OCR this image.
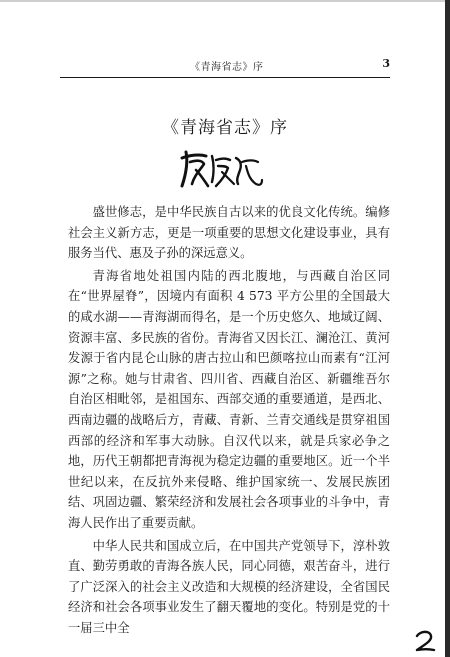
《青海省志》序	3
《青海省志》序

盛世修志，是中华民族自古以来的优良文化传统。编修社会主义新方志，更是一项重要的思想文化建设事业，具有服务当代、惠及子孙的深远意义。

青海省地处祖国内陆的西北腹地，与西藏自治区同在“世界屋脊”，因境内有面积 4 573 平方公里的全国最大的咸水湖——青海湖而得名，是一个历史悠久、地域辽阔、资源丰富、多民族的省份。青海省又因长江、澜沧江、黄河发源于省内昆仑山脉的唐古拉山和巴颜喀拉山而素有“江河源”之称。她与甘肃省、四川省、西藏自治区、新疆维吾尔自治区相毗邻，是祖国东、西部交通的重要通道，是西北、西南边疆的战略后方，青藏、青新、兰青交通线是贯穿祖国西部的经济和军事大动脉。自汉代以来，就是兵家必争之地，历代王朝都把青海视为稳定边疆的重要地区。近一个半世纪以来，在反抗外来侵略、维护国家统一、发展民族团结、巩固边疆、繁荣经济和发展社会各项事业的斗争中，青海人民作出了重要贡献。

中华人民共和国成立后，在中国共产党领导下，淳朴敦直、勤劳勇敢的青海各族人民，同心同德，艰苦奋斗，进行了广泛深入的社会主义改造和大规模的经济建设，全省国民经济和社会各项事业发生了翻天覆地的变化。特别是党的十一届三中全
